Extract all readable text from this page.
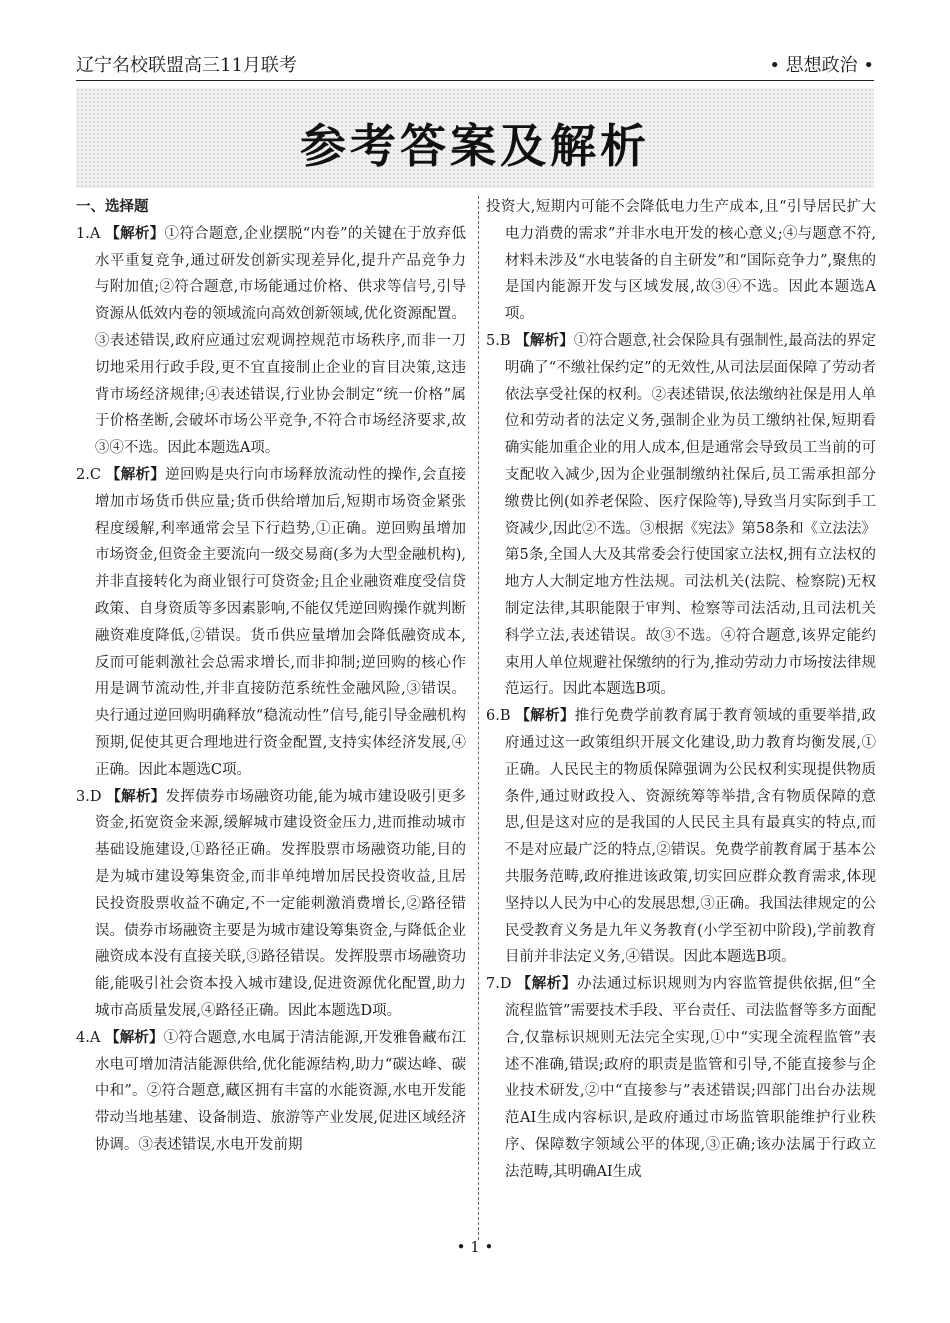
辽宁名校联盟高三11月联考	• 思想政治 •
参考答案及解析

一、选择题

1.A 【解析】①符合题意,企业摆脱“内卷”的关键在于放弃低水平重复竞争,通过研发创新实现差异化,提升产品竞争力与附加值;②符合题意,市场能通过价格、供求等信号,引导资源从低效内卷的领域流向高效创新领域,优化资源配置。③表述错误,政府应通过宏观调控规范市场秩序,而非一刀切地采用行政手段,更不宜直接制止企业的盲目决策,这违背市场经济规律;④表述错误,行业协会制定“统一价格”属于价格垄断,会破坏市场公平竞争,不符合市场经济要求,故③④不选。因此本题选A项。

2.C 【解析】逆回购是央行向市场释放流动性的操作,会直接增加市场货币供应量;货币供给增加后,短期市场资金紧张程度缓解,利率通常会呈下行趋势,①正确。逆回购虽增加市场资金,但资金主要流向一级交易商(多为大型金融机构),并非直接转化为商业银行可贷资金;且企业融资难度受信贷政策、自身资质等多因素影响,不能仅凭逆回购操作就判断融资难度降低,②错误。货币供应量增加会降低融资成本,反而可能刺激社会总需求增长,而非抑制;逆回购的核心作用是调节流动性,并非直接防范系统性金融风险,③错误。央行通过逆回购明确释放“稳流动性”信号,能引导金融机构预期,促使其更合理地进行资金配置,支持实体经济发展,④正确。因此本题选C项。

3.D 【解析】发挥债券市场融资功能,能为城市建设吸引更多资金,拓宽资金来源,缓解城市建设资金压力,进而推动城市基础设施建设,①路径正确。发挥股票市场融资功能,目的是为城市建设筹集资金,而非单纯增加居民投资收益,且居民投资股票收益不确定,不一定能刺激消费增长,②路径错误。债券市场融资主要是为城市建设筹集资金,与降低企业融资成本没有直接关联,③路径错误。发挥股票市场融资功能,能吸引社会资本投入城市建设,促进资源优化配置,助力城市高质量发展,④路径正确。因此本题选D项。

4.A 【解析】①符合题意,水电属于清洁能源,开发雅鲁藏布江水电可增加清洁能源供给,优化能源结构,助力“碳达峰、碳中和”。②符合题意,藏区拥有丰富的水能资源,水电开发能带动当地基建、设备制造、旅游等产业发展,促进区域经济协调。③表述错误,水电开发前期

投资大,短期内可能不会降低电力生产成本,且“引导居民扩大电力消费的需求”并非水电开发的核心意义;④与题意不符,材料未涉及“水电装备的自主研发”和“国际竞争力”,聚焦的是国内能源开发与区域发展,故③④不选。因此本题选A项。

5.B 【解析】①符合题意,社会保险具有强制性,最高法的界定明确了“不缴社保约定”的无效性,从司法层面保障了劳动者依法享受社保的权利。②表述错误,依法缴纳社保是用人单位和劳动者的法定义务,强制企业为员工缴纳社保,短期看确实能加重企业的用人成本,但是通常会导致员工当前的可支配收入减少,因为企业强制缴纳社保后,员工需承担部分缴费比例(如养老保险、医疗保险等),导致当月实际到手工资减少,因此②不选。③根据《宪法》第58条和《立法法》第5条,全国人大及其常委会行使国家立法权,拥有立法权的地方人大制定地方性法规。司法机关(法院、检察院)无权制定法律,其职能限于审判、检察等司法活动,且司法机关科学立法,表述错误。故③不选。④符合题意,该界定能约束用人单位规避社保缴纳的行为,推动劳动力市场按法律规范运行。因此本题选B项。

6.B 【解析】推行免费学前教育属于教育领域的重要举措,政府通过这一政策组织开展文化建设,助力教育均衡发展,①正确。人民民主的物质保障强调为公民权利实现提供物质条件,通过财政投入、资源统筹等举措,含有物质保障的意思,但是这对应的是我国的人民民主具有最真实的特点,而不是对应最广泛的特点,②错误。免费学前教育属于基本公共服务范畴,政府推进该政策,切实回应群众教育需求,体现坚持以人民为中心的发展思想,③正确。我国法律规定的公民受教育义务是九年义务教育(小学至初中阶段),学前教育目前并非法定义务,④错误。因此本题选B项。

7.D 【解析】办法通过标识规则为内容监管提供依据,但“全流程监管”需要技术手段、平台责任、司法监督等多方面配合,仅靠标识规则无法完全实现,①中“实现全流程监管”表述不准确,错误;政府的职责是监管和引导,不能直接参与企业技术研发,②中“直接参与”表述错误;四部门出台办法规范AI生成内容标识,是政府通过市场监管职能维护行业秩序、保障数字领域公平的体现,③正确;该办法属于行政立法范畴,其明确AI生成

• 1 •
